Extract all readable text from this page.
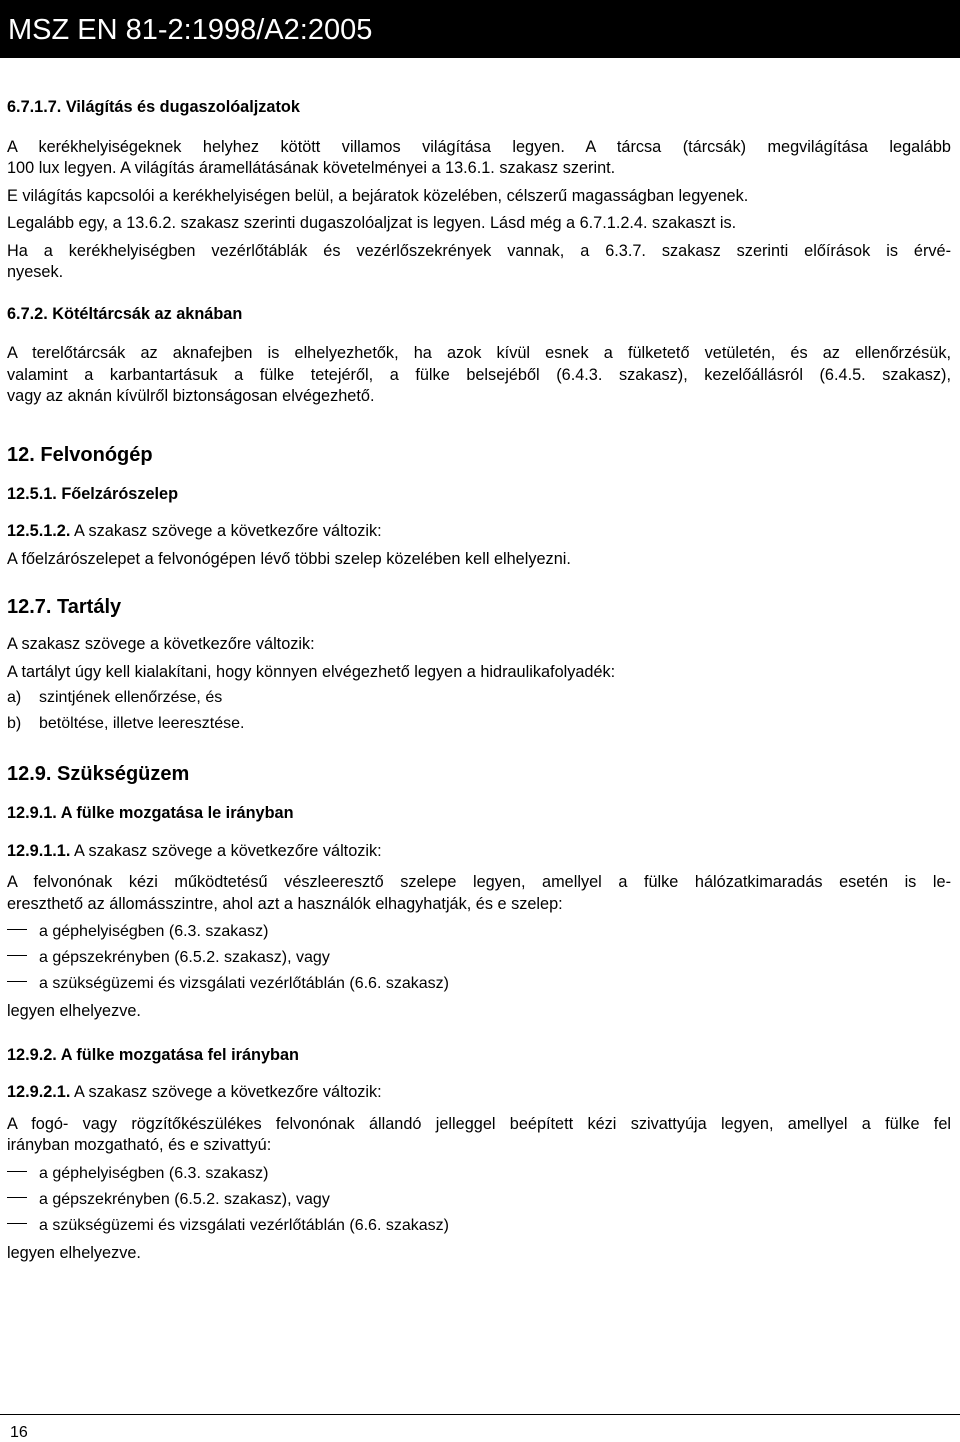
MSZ EN 81-2:1998/A2:2005

6.7.1.7. Világítás és dugaszolóaljzatok

A kerékhelyiségeknek helyhez kötött villamos világítása legyen. A tárcsa (tárcsák) megvilágítása legalább

100 lux legyen. A világítás áramellátásának követelményei a 13.6.1. szakasz szerint.

E világítás kapcsolói a kerékhelyiségen belül, a bejáratok közelében, célszerű magasságban legyenek.

Legalább egy, a 13.6.2. szakasz szerinti dugaszolóaljzat is legyen. Lásd még a 6.7.1.2.4. szakaszt is.

Ha a kerékhelyiségben vezérlőtáblák és vezérlőszekrények vannak, a 6.3.7. szakasz szerinti előírások is érvé-

nyesek.

6.7.2. Kötéltárcsák az aknában

A terelőtárcsák az aknafejben is elhelyezhetők, ha azok kívül esnek a fülketető vetületén, és az ellenőrzésük,

valamint a karbantartásuk a fülke tetejéről, a fülke belsejéből (6.4.3. szakasz), kezelőállásról (6.4.5. szakasz),

vagy az aknán kívülről biztonságosan elvégezhető.

12. Felvonógép

12.5.1. Főelzárószelep

12.5.1.2. A szakasz szövege a következőre változik:

A főelzárószelepet a felvonógépen lévő többi szelep közelében kell elhelyezni.

12.7. Tartály

A szakasz szövege a következőre változik:

A tartályt úgy kell kialakítani, hogy könnyen elvégezhető legyen a hidraulikafolyadék:

a)	szintjének ellenőrzése, és
b)	betöltése, illetve leeresztése.

12.9. Szükségüzem

12.9.1. A fülke mozgatása le irányban

12.9.1.1. A szakasz szövege a következőre változik:

A felvonónak kézi működtetésű vészleeresztő szelepe legyen, amellyel a fülke hálózatkimaradás esetén is le-

ereszthető az állomásszintre, ahol azt a használók elhagyhatják, és e szelep:

a géphelyiségben (6.3. szakasz)
a gépszekrényben (6.5.2. szakasz), vagy
a szükségüzemi és vizsgálati vezérlőtáblán (6.6. szakasz)

legyen elhelyezve.

12.9.2. A fülke mozgatása fel irányban

12.9.2.1. A szakasz szövege a következőre változik:

A fogó- vagy rögzítőkészülékes felvonónak állandó jelleggel beépített kézi szivattyúja legyen, amellyel a fülke fel

irányban mozgatható, és e szivattyú:

a géphelyiségben (6.3. szakasz)
a gépszekrényben (6.5.2. szakasz), vagy
a szükségüzemi és vizsgálati vezérlőtáblán (6.6. szakasz)

legyen elhelyezve.

16
